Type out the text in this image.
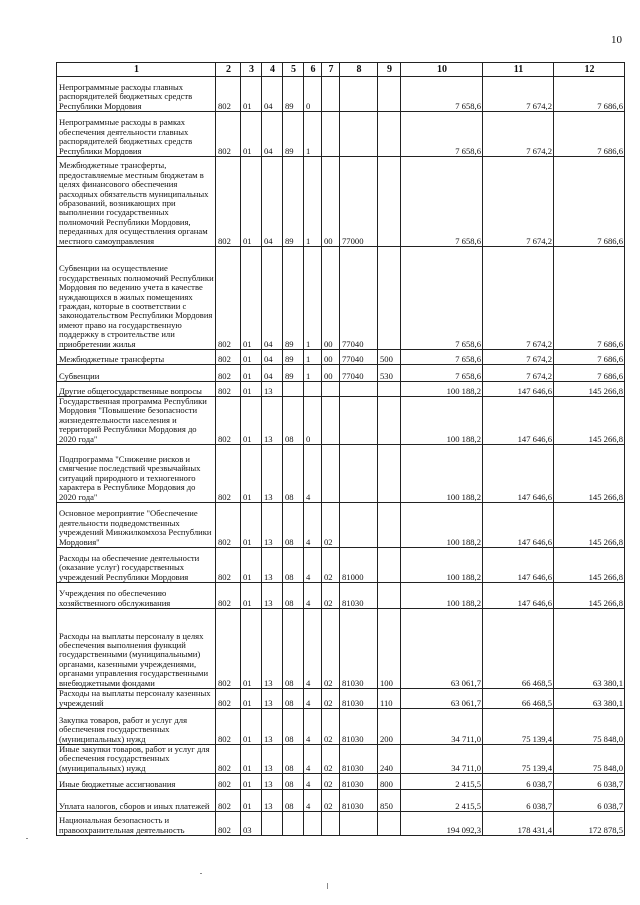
10
1	2	3	4	5	6	7	8	9	10	11	12
Непрограммные расходы главных распорядителей бюджетных средств Республики Мордовия	802	01	04	89	0				7 658,6	7 674,2	7 686,6
Непрограммные расходы в рамках обеспечения деятельности главных распорядителей бюджетных средств Республики Мордовия	802	01	04	89	1				7 658,6	7 674,2	7 686,6
Межбюджетные трансферты, предоставляемые местным бюджетам в целях финансового обеспечения расходных обязательств муниципальных образований, возникающих при выполнении государственных полномочий Республики Мордовия, переданных для осуществления органам местного самоуправления	802	01	04	89	1	00	77000		7 658,6	7 674,2	7 686,6
Субвенции на осуществление государственных полномочий Республики Мордовия по ведению учета в качестве нуждающихся в жилых помещениях граждан, которые в соответствии с законодательством Республики Мордовия имеют право на государственную поддержку в строительстве или приобретении жилья	802	01	04	89	1	00	77040		7 658,6	7 674,2	7 686,6
Межбюджетные трансферты	802	01	04	89	1	00	77040	500	7 658,6	7 674,2	7 686,6
Субвенции	802	01	04	89	1	00	77040	530	7 658,6	7 674,2	7 686,6
Другие общегосударственные вопросы	802	01	13						100 188,2	147 646,6	145 266,8
Государственная программа Республики Мордовия "Повышение безопасности жизнедеятельности населения и территорий Республики Мордовия до 2020 года"	802	01	13	08	0				100 188,2	147 646,6	145 266,8
Подпрограмма "Снижение рисков и смягчение последствий чрезвычайных ситуаций природного и техногенного характера в Республике Мордовия до 2020 года"	802	01	13	08	4				100 188,2	147 646,6	145 266,8
Основное мероприятие "Обеспечение деятельности подведомственных учреждений Минжилкомхоза Республики Мордовия"	802	01	13	08	4	02			100 188,2	147 646,6	145 266,8
Расходы на обеспечение деятельности (оказание услуг) государственных учреждений Республики Мордовия	802	01	13	08	4	02	81000		100 188,2	147 646,6	145 266,8
Учреждения по обеспечению хозяйственного обслуживания	802	01	13	08	4	02	81030		100 188,2	147 646,6	145 266,8
Расходы на выплаты персоналу в целях обеспечения выполнения функций государственными (муниципальными) органами, казенными учреждениями, органами управления государственными внебюджетными фондами	802	01	13	08	4	02	81030	100	63 061,7	66 468,5	63 380,1
Расходы на выплаты персоналу казенных учреждений	802	01	13	08	4	02	81030	110	63 061,7	66 468,5	63 380,1
Закупка товаров, работ и услуг для обеспечения государственных (муниципальных) нужд	802	01	13	08	4	02	81030	200	34 711,0	75 139,4	75 848,0
Иные закупки товаров, работ и услуг для обеспечения государственных (муниципальных) нужд	802	01	13	08	4	02	81030	240	34 711,0	75 139,4	75 848,0
Иные бюджетные ассигнования	802	01	13	08	4	02	81030	800	2 415,5	6 038,7	6 038,7
Уплата налогов, сборов и иных платежей	802	01	13	08	4	02	81030	850	2 415,5	6 038,7	6 038,7
Национальная безопасность и правоохранительная деятельность	802	03							194 092,3	178 431,4	172 878,5
